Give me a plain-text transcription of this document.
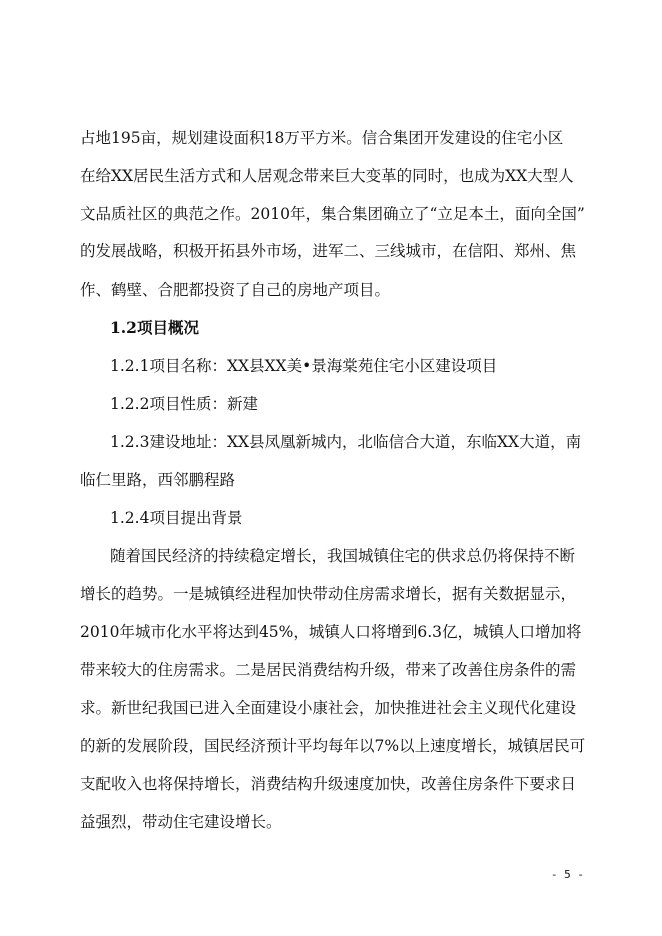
占地195亩，规划建设面积18万平方米。信合集团开发建设的住宅小区
在给XX居民生活方式和人居观念带来巨大变革的同时，也成为XX大型人
文品质社区的典范之作。2010年，集合集团确立了“立足本土，面向全国”
的发展战略，积极开拓县外市场，进军二、三线城市，在信阳、郑州、焦
作、鹤壁、合肥都投资了自己的房地产项目。
1.2项目概况
1.2.1项目名称：XX县XX美•景海棠苑住宅小区建设项目
1.2.2项目性质：新建
1.2.3建设地址：XX县凤凰新城内，北临信合大道，东临XX大道，南
临仁里路，西邻鹏程路
1.2.4项目提出背景
随着国民经济的持续稳定增长，我国城镇住宅的供求总仍将保持不断
增长的趋势。一是城镇经进程加快带动住房需求增长，据有关数据显示，
2010年城市化水平将达到45%，城镇人口将增到6.3亿，城镇人口增加将
带来较大的住房需求。二是居民消费结构升级，带来了改善住房条件的需
求。新世纪我国已进入全面建设小康社会，加快推进社会主义现代化建设
的新的发展阶段，国民经济预计平均每年以7%以上速度增长，城镇居民可
支配收入也将保持增长，消费结构升级速度加快，改善住房条件下要求日
益强烈，带动住宅建设增长。
- 5 -
